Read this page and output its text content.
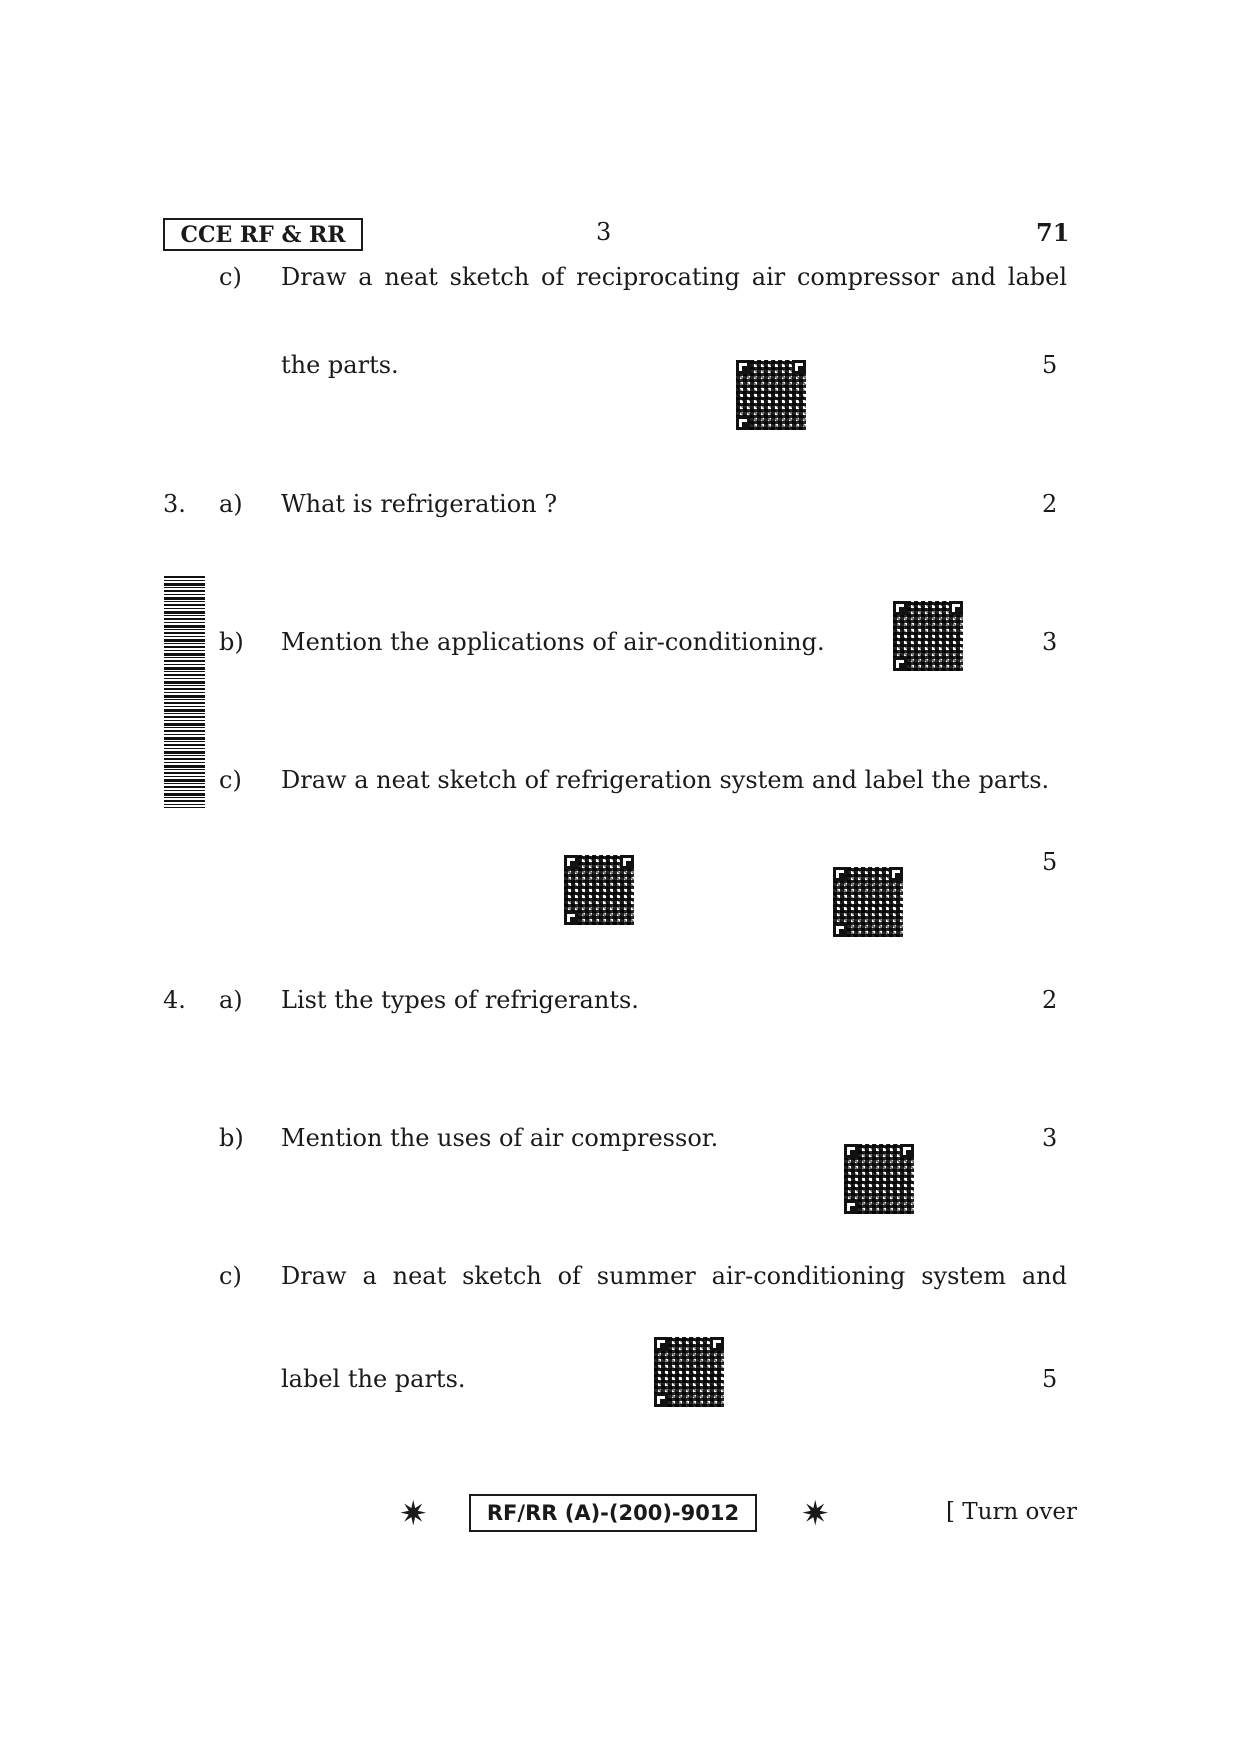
CCE RF & RR	3	71
c) Draw a neat sketch of reciprocating air compressor and label
the parts.	5
3. a) What is refrigeration ?	2
b) Mention the applications of air-conditioning.	3
c) Draw a neat sketch of refrigeration system and label the parts.
5
4. a) List the types of refrigerants.	2
b) Mention the uses of air compressor.	3
c) Draw a neat sketch of summer air-conditioning system and
label the parts.	5
✷	RF/RR (A)-(200)-9012 ✷	[ Turn over
